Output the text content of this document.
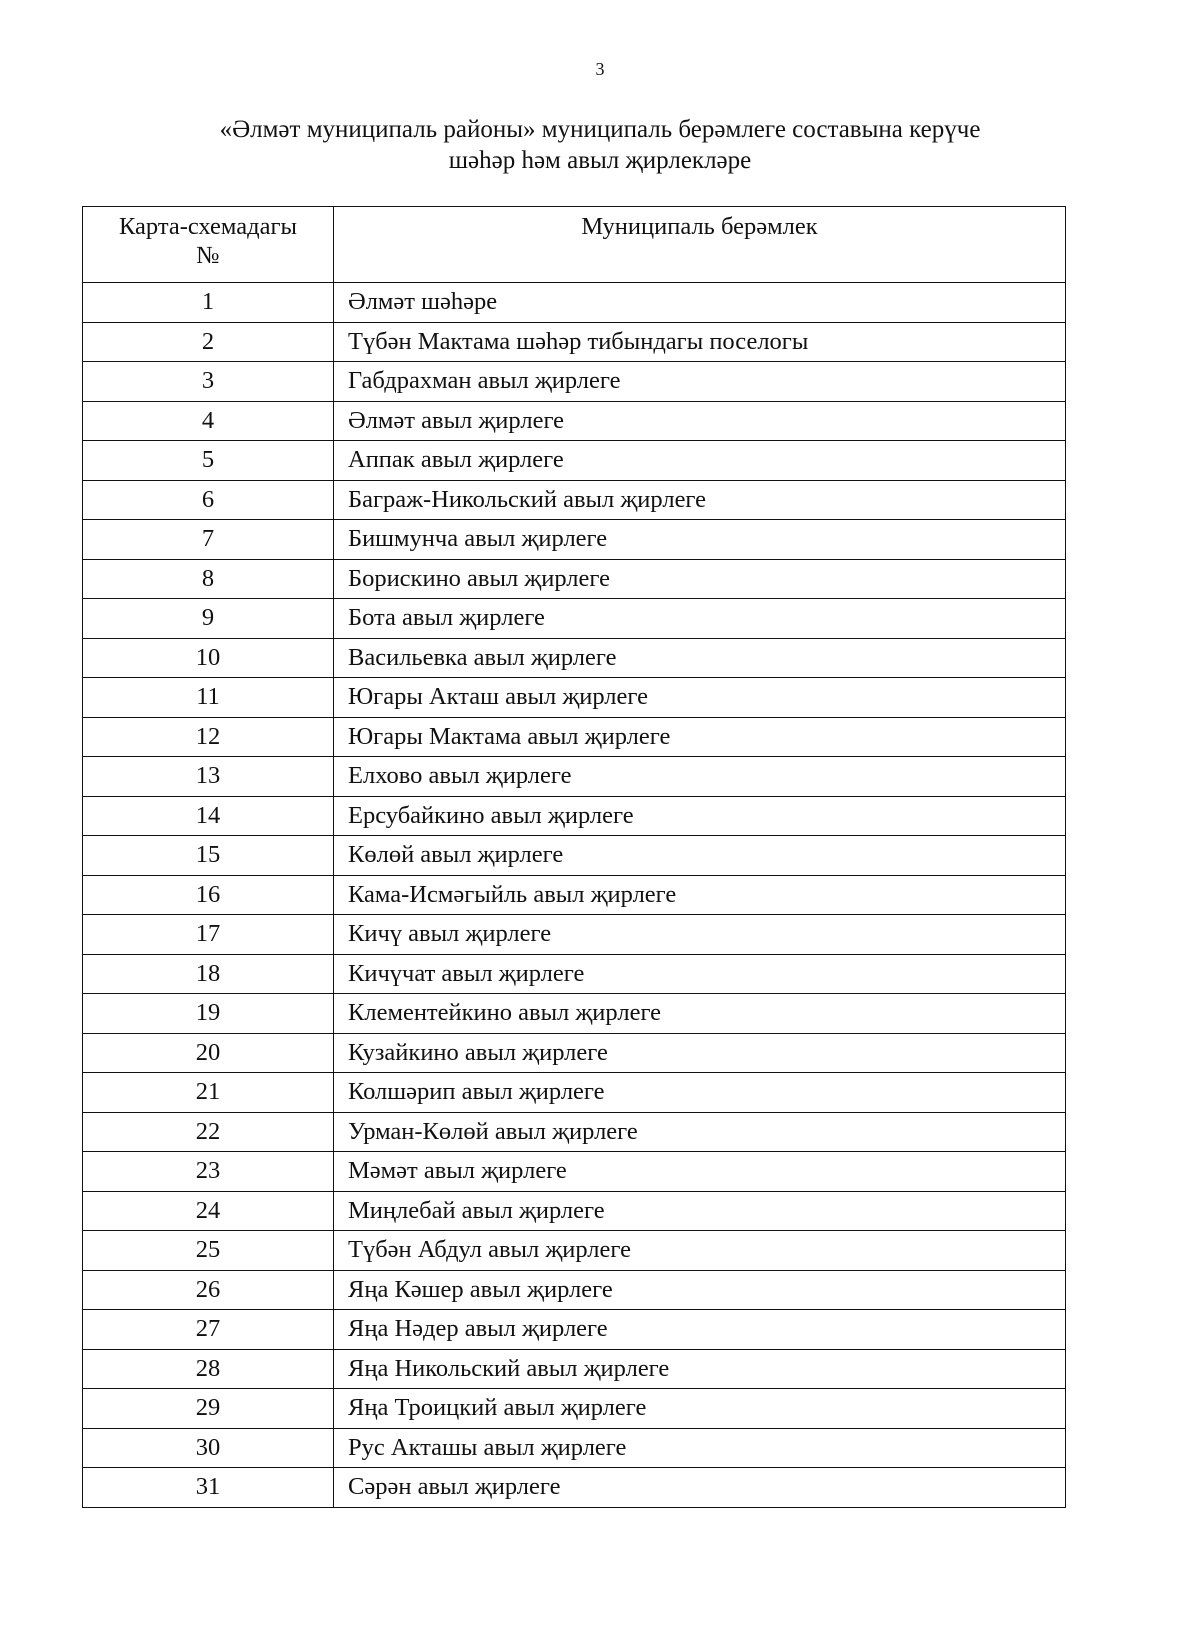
3
«Әлмәт муниципаль районы» муниципаль берәмлеге составына керүче
шәһәр һәм авыл җирлекләре
Карта-схемадагы
№	Муниципаль берәмлек
1	Әлмәт шәһәре
2	Түбән Мактама шәһәр тибындагы поселогы
3	Габдрахман авыл җирлеге
4	Әлмәт авыл җирлеге
5	Аппак авыл җирлеге
6	Баграж-Никольский авыл җирлеге
7	Бишмунча авыл җирлеге
8	Борискино авыл җирлеге
9	Бота авыл җирлеге
10	Васильевка авыл җирлеге
11	Югары Акташ авыл җирлеге
12	Югары Мактама авыл җирлеге
13	Елхово авыл җирлеге
14	Ерсубайкино авыл җирлеге
15	Көлөй авыл җирлеге
16	Кама-Исмәгыйль авыл җирлеге
17	Кичү авыл җирлеге
18	Кичүчат авыл җирлеге
19	Клементейкино авыл җирлеге
20	Кузайкино авыл җирлеге
21	Колшәрип авыл җирлеге
22	Урман-Көлөй авыл җирлеге
23	Мәмәт авыл җирлеге
24	Миңлебай авыл җирлеге
25	Түбән Абдул авыл җирлеге
26	Яңа Кәшер авыл җирлеге
27	Яңа Нәдер авыл җирлеге
28	Яңа Никольский авыл җирлеге
29	Яңа Троицкий авыл җирлеге
30	Рус Акташы авыл җирлеге
31	Сәрән авыл җирлеге
